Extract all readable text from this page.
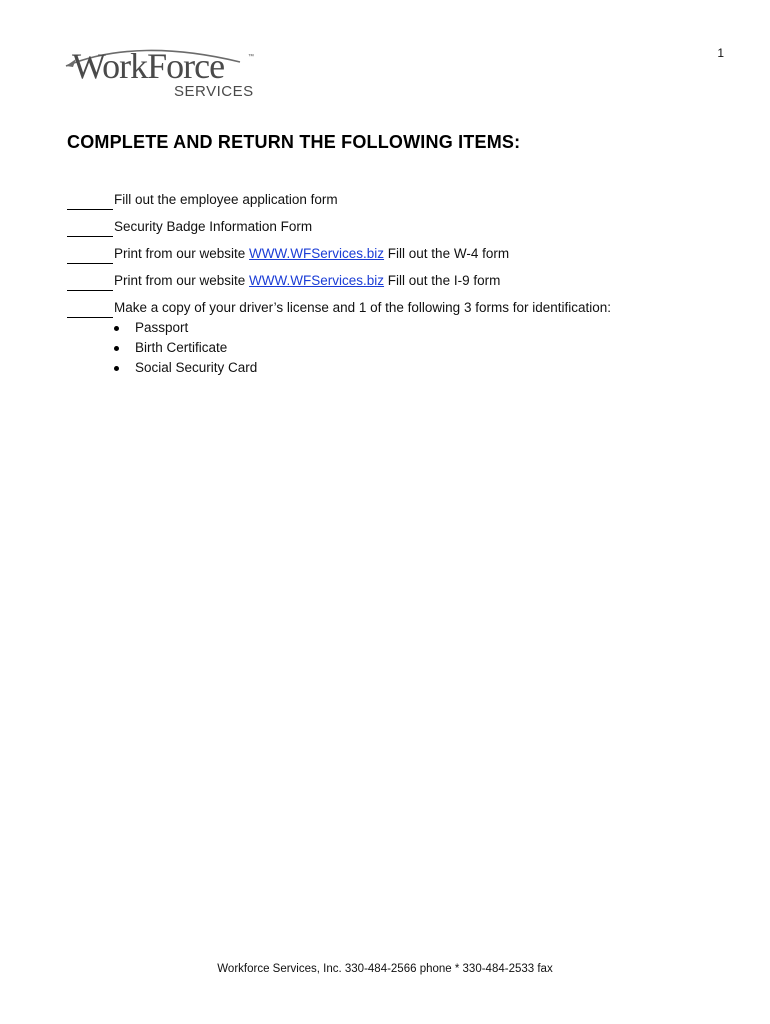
1
WorkForce	™
SERVICES
COMPLETE AND RETURN THE FOLLOWING ITEMS:
Fill out the employee application form
Security Badge Information Form
Print from our website WWW.WFServices.biz Fill out the W-4 form
Print from our website WWW.WFServices.biz Fill out the I-9 form
Make a copy of your driver’s license and 1 of the following 3 forms for identification:
Passport
Birth Certificate
Social Security Card
Workforce Services, Inc. 330-484-2566 phone * 330-484-2533 fax
